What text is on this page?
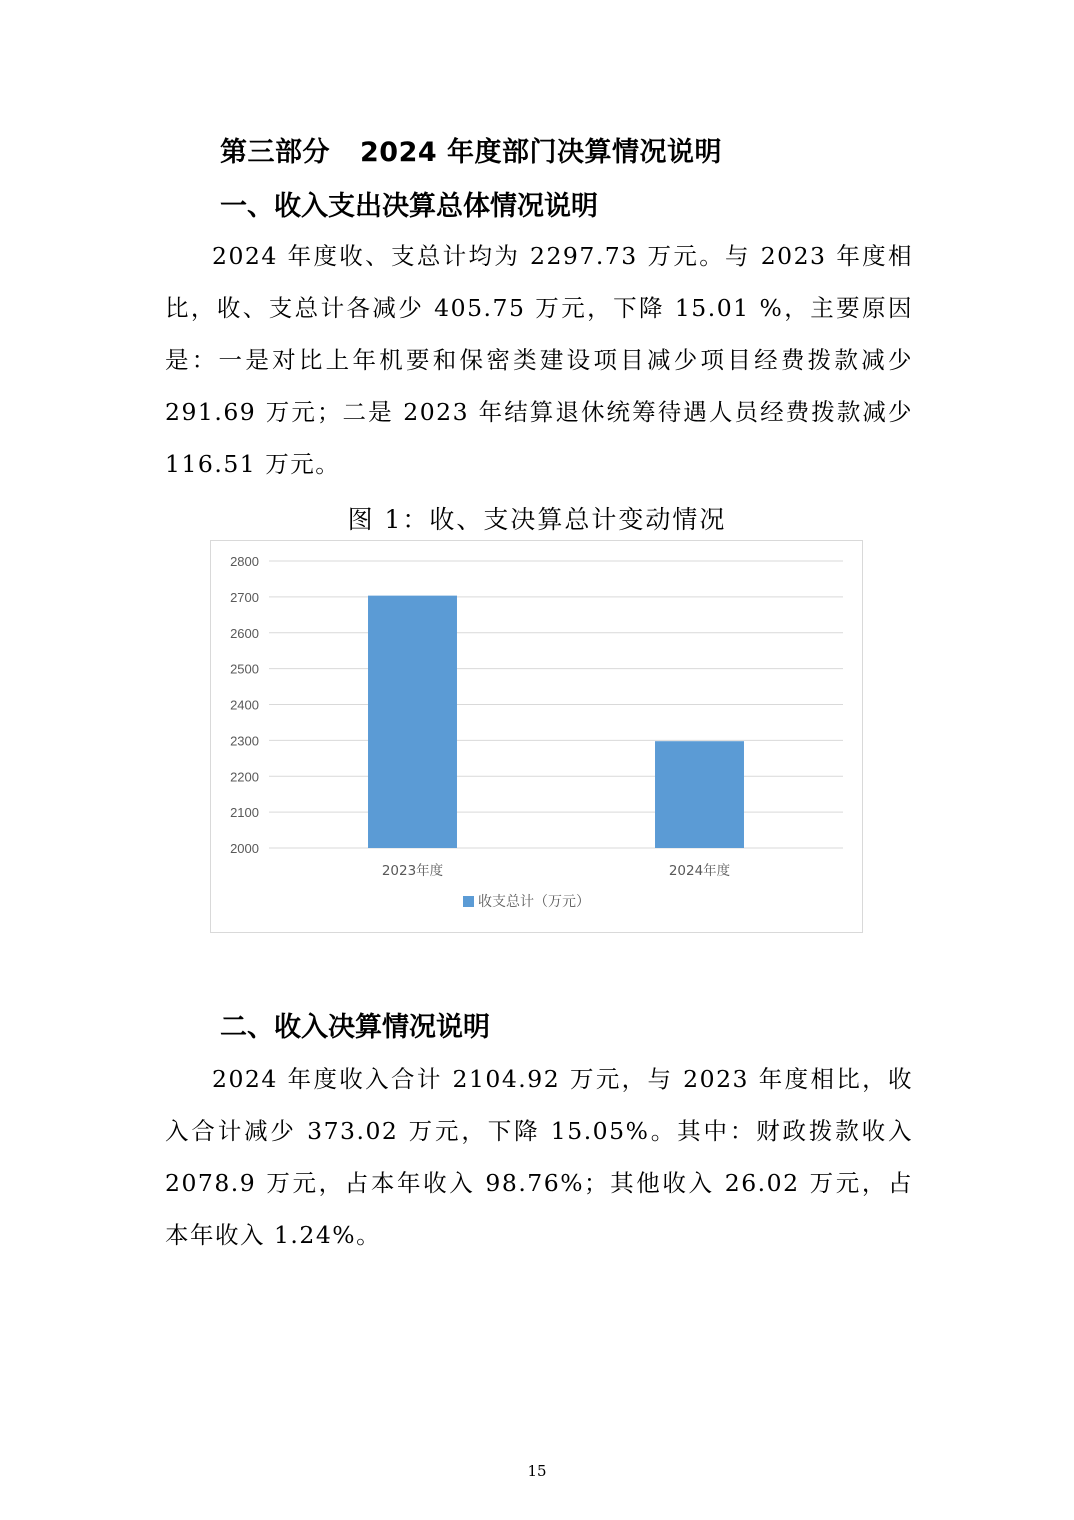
第三部分 2024 年度部门决算情况说明
一、收入支出决算总体情况说明

2024 年度收、支总计均为 2297.73 万元。与 2023 年度相比，收、支总计各减少 405.75 万元，下降 15.01 %，主要原因是：一是对比上年机要和保密类建设项目减少项目经费拨款减少 291.69 万元；二是 2023 年结算退休统筹待遇人员经费拨款减少 116.51 万元。

图 1：收、支决算总计变动情况
2000
2100
2200
2300
2400
2500
2600
2700
2800
2023年度	2024年度
收支总计（万元）
二、收入决算情况说明

2024 年度收入合计 2104.92 万元，与 2023 年度相比，收入合计减少 373.02 万元，下降 15.05%。其中：财政拨款收入 2078.9 万元，占本年收入 98.76%；其他收入 26.02 万元，占本年收入 1.24%。

15
